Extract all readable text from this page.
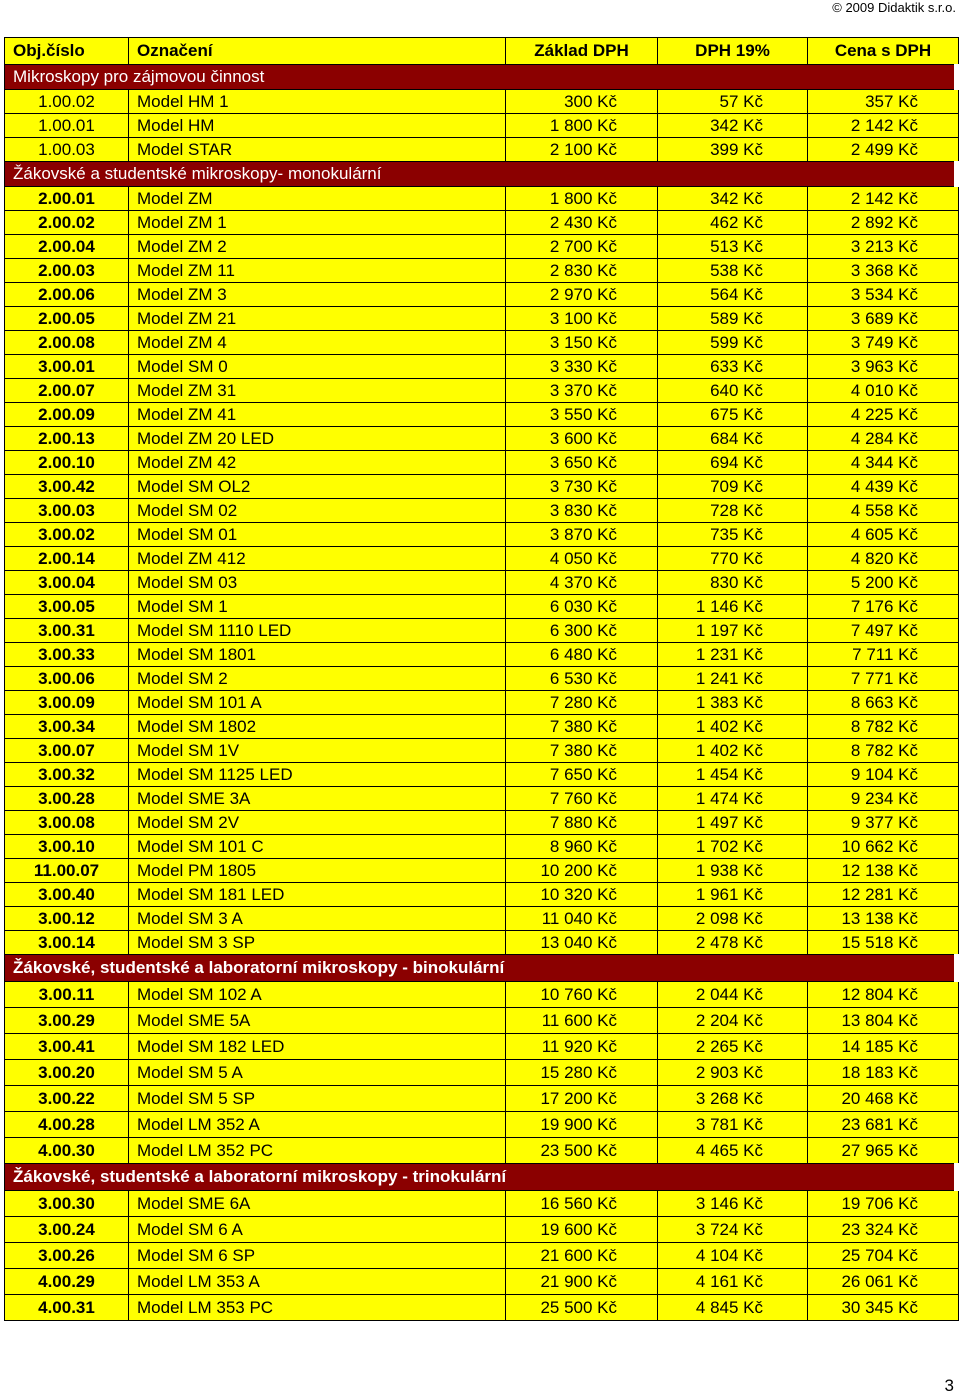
© 2009 Didaktik s.r.o.
Obj.číslo	Označení	Základ DPH	DPH 19%	Cena s DPH
Mikroskopy pro zájmovou činnost				
1.00.02	Model HM 1	300 Kč	57 Kč	357 Kč
1.00.01	Model HM	1 800 Kč	342 Kč	2 142 Kč
1.00.03	Model STAR	2 100 Kč	399 Kč	2 499 Kč
Žákovské a studentské mikroskopy- monokulární				
2.00.01	Model ZM	1 800 Kč	342 Kč	2 142 Kč
2.00.02	Model ZM 1	2 430 Kč	462 Kč	2 892 Kč
2.00.04	Model ZM 2	2 700 Kč	513 Kč	3 213 Kč
2.00.03	Model ZM 11	2 830 Kč	538 Kč	3 368 Kč
2.00.06	Model ZM 3	2 970 Kč	564 Kč	3 534 Kč
2.00.05	Model ZM 21	3 100 Kč	589 Kč	3 689 Kč
2.00.08	Model ZM 4	3 150 Kč	599 Kč	3 749 Kč
3.00.01	Model SM 0	3 330 Kč	633 Kč	3 963 Kč
2.00.07	Model ZM 31	3 370 Kč	640 Kč	4 010 Kč
2.00.09	Model ZM 41	3 550 Kč	675 Kč	4 225 Kč
2.00.13	Model ZM 20 LED	3 600 Kč	684 Kč	4 284 Kč
2.00.10	Model ZM 42	3 650 Kč	694 Kč	4 344 Kč
3.00.42	Model SM OL2	3 730 Kč	709 Kč	4 439 Kč
3.00.03	Model SM 02	3 830 Kč	728 Kč	4 558 Kč
3.00.02	Model SM 01	3 870 Kč	735 Kč	4 605 Kč
2.00.14	Model ZM 412	4 050 Kč	770 Kč	4 820 Kč
3.00.04	Model SM 03	4 370 Kč	830 Kč	5 200 Kč
3.00.05	Model SM 1	6 030 Kč	1 146 Kč	7 176 Kč
3.00.31	Model SM 1110 LED	6 300 Kč	1 197 Kč	7 497 Kč
3.00.33	Model SM 1801	6 480 Kč	1 231 Kč	7 711 Kč
3.00.06	Model SM 2	6 530 Kč	1 241 Kč	7 771 Kč
3.00.09	Model SM 101 A	7 280 Kč	1 383 Kč	8 663 Kč
3.00.34	Model SM 1802	7 380 Kč	1 402 Kč	8 782 Kč
3.00.07	Model SM 1V	7 380 Kč	1 402 Kč	8 782 Kč
3.00.32	Model SM 1125 LED	7 650 Kč	1 454 Kč	9 104 Kč
3.00.28	Model SME 3A	7 760 Kč	1 474 Kč	9 234 Kč
3.00.08	Model SM 2V	7 880 Kč	1 497 Kč	9 377 Kč
3.00.10	Model SM 101 C	8 960 Kč	1 702 Kč	10 662 Kč
11.00.07	Model PM 1805	10 200 Kč	1 938 Kč	12 138 Kč
3.00.40	Model SM 181 LED	10 320 Kč	1 961 Kč	12 281 Kč
3.00.12	Model SM 3 A	11 040 Kč	2 098 Kč	13 138 Kč
3.00.14	Model SM 3 SP	13 040 Kč	2 478 Kč	15 518 Kč
Žákovské, studentské a laboratorní mikroskopy - binokulární				
3.00.11	Model SM 102 A	10 760 Kč	2 044 Kč	12 804 Kč
3.00.29	Model SME 5A	11 600 Kč	2 204 Kč	13 804 Kč
3.00.41	Model SM 182 LED	11 920 Kč	2 265 Kč	14 185 Kč
3.00.20	Model SM 5 A	15 280 Kč	2 903 Kč	18 183 Kč
3.00.22	Model SM 5 SP	17 200 Kč	3 268 Kč	20 468 Kč
4.00.28	Model LM 352 A	19 900 Kč	3 781 Kč	23 681 Kč
4.00.30	Model LM 352 PC	23 500 Kč	4 465 Kč	27 965 Kč
Žákovské, studentské a laboratorní mikroskopy - trinokulární				
3.00.30	Model SME 6A	16 560 Kč	3 146 Kč	19 706 Kč
3.00.24	Model SM 6 A	19 600 Kč	3 724 Kč	23 324 Kč
3.00.26	Model SM 6 SP	21 600 Kč	4 104 Kč	25 704 Kč
4.00.29	Model LM 353 A	21 900 Kč	4 161 Kč	26 061 Kč
4.00.31	Model LM 353 PC	25 500 Kč	4 845 Kč	30 345 Kč
3
